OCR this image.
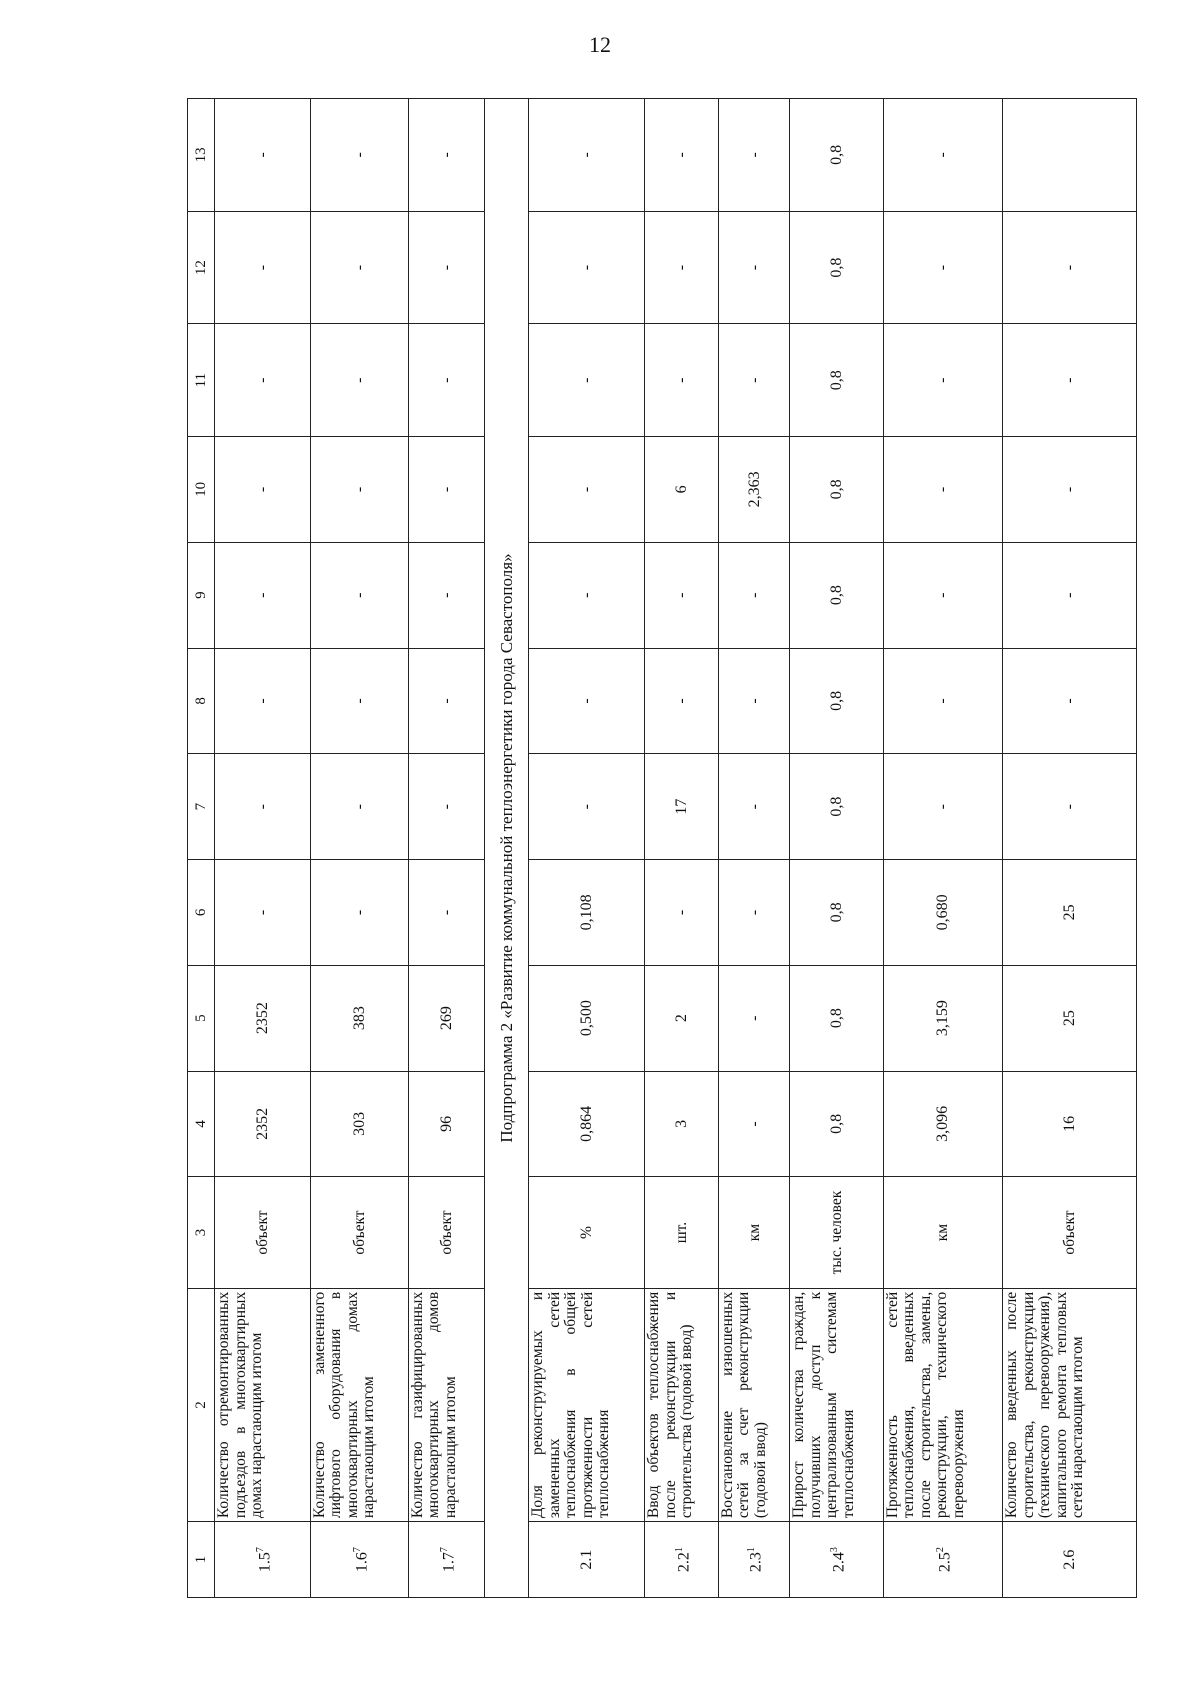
12
1	2	3	4	5	6	7	8	9	10	11	12	13
$1.5^7$	Количество отремонтированных подъездов в многоквартирных домах нарастающим итогом	объект	2352	2352	-	-	-	-	-	-	-	-
$1.6^7$	Количество замененного лифтового оборудования в многоквартирных домах нарастающим итогом	объект	303	383	-	-	-	-	-	-	-	-
$1.7^7$	Количество газифицированных многоквартирных домов нарастающим итогом	объект	96	269	-	-	-	-	-	-	-	-
Подпрограмма 2 «Развитие коммунальной теплоэнергетики города Севастополя»												
2.1	Доля реконструируемых и замененных сетей теплоснабжения в общей протяженности сетей теплоснабжения	%	0,864	0,500	0,108	-	-	-	-	-	-	-
$2.2^1$	Ввод объектов теплоснабжения после реконструкции и строительства (годовой ввод)	шт.	3	2	-	17	-	-	6	-	-	-
$2.3^1$	Восстановление изношенных сетей за счет реконструкции (годовой ввод)	км	-	-	-	-	-	-	2,363	-	-	-
$2.4^3$	Прирост количества граждан, получивших доступ к централизованным системам теплоснабжения	тыс. человек	0,8	0,8	0,8	0,8	0,8	0,8	0,8	0,8	0,8	0,8
$2.5^2$	Протяженность сетей теплоснабжения, введенных после строительства, замены, реконструкции, технического перевооружения	км	3,096	3,159	0,680	-	-	-	-	-	-	-
2.6	Количество введенных после строительства, реконструкции (технического перевооружения), капитального ремонта тепловых сетей нарастающим итогом	объект	16	25	25	-	-	-	-	-	-	
